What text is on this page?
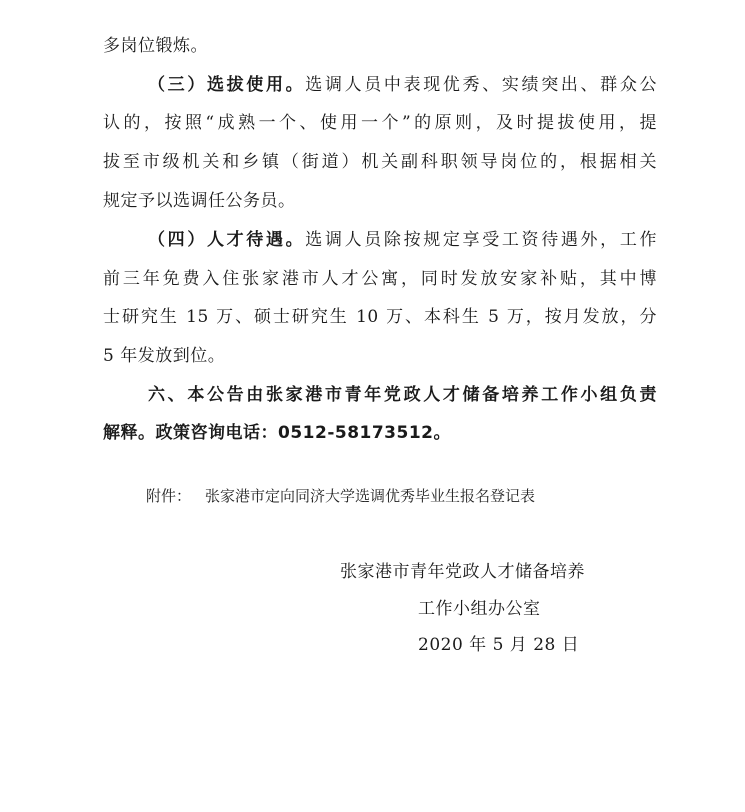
多岗位锻炼。
（三）选拔使用。选调人员中表现优秀、实绩突出、群众公
认的，按照“成熟一个、使用一个”的原则，及时提拔使用，提
拔至市级机关和乡镇（街道）机关副科职领导岗位的，根据相关
规定予以选调任公务员。
（四）人才待遇。选调人员除按规定享受工资待遇外，工作
前三年免费入住张家港市人才公寓，同时发放安家补贴，其中博
士研究生 15 万、硕士研究生 10 万、本科生 5 万，按月发放，分
5 年发放到位。
六、本公告由张家港市青年党政人才储备培养工作小组负责
解释。政策咨询电话：0512-58173512。
附件： 张家港市定向同济大学选调优秀毕业生报名登记表
张家港市青年党政人才储备培养
工作小组办公室
2020 年 5 月 28 日
